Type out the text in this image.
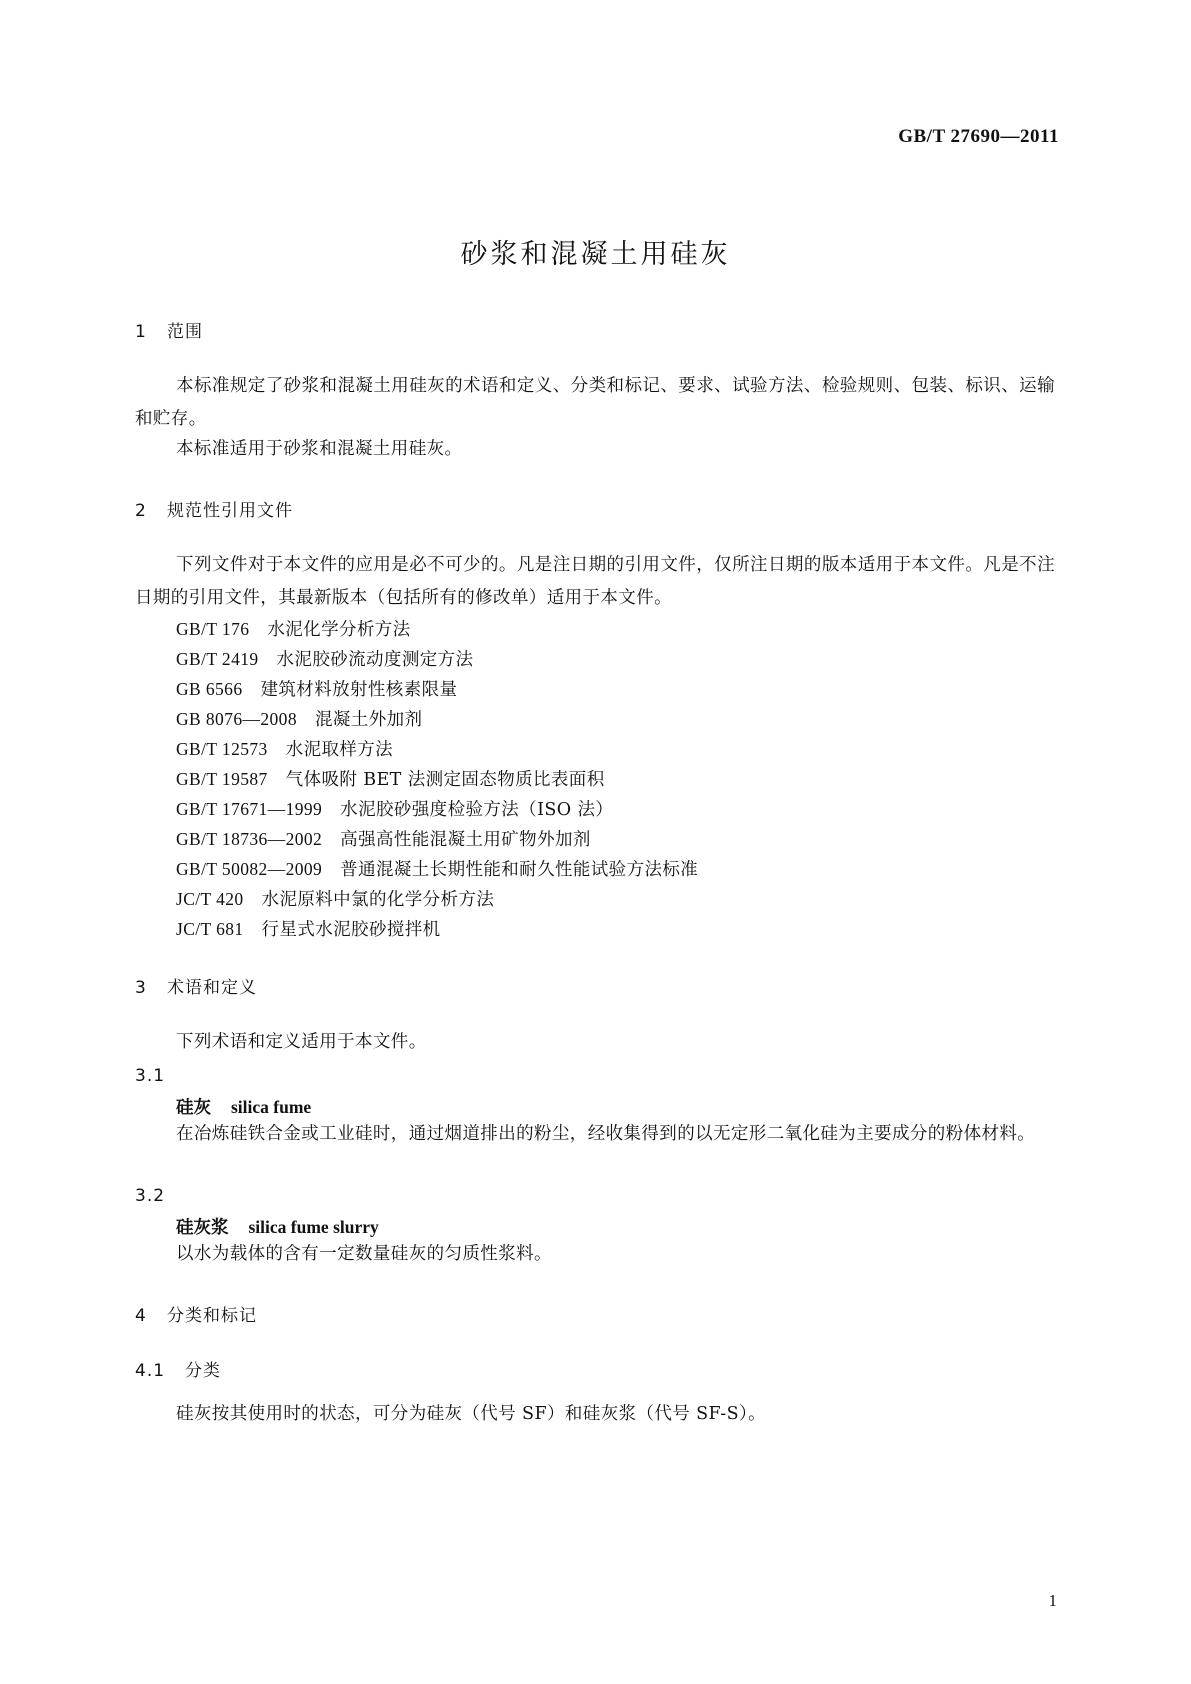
GB/T 27690—2011
砂浆和混凝土用硅灰
1 范围
本标准规定了砂浆和混凝土用硅灰的术语和定义、分类和标记、要求、试验方法、检验规则、包装、标识、运输和贮存。
本标准适用于砂浆和混凝土用硅灰。
2 规范性引用文件
下列文件对于本文件的应用是必不可少的。凡是注日期的引用文件，仅所注日期的版本适用于本文件。凡是不注日期的引用文件，其最新版本（包括所有的修改单）适用于本文件。
GB/T 176 水泥化学分析方法
GB/T 2419 水泥胶砂流动度测定方法
GB 6566 建筑材料放射性核素限量
GB 8076—2008 混凝土外加剂
GB/T 12573 水泥取样方法
GB/T 19587 气体吸附 BET 法测定固态物质比表面积
GB/T 17671—1999 水泥胶砂强度检验方法（ISO 法）
GB/T 18736—2002 高强高性能混凝土用矿物外加剂
GB/T 50082—2009 普通混凝土长期性能和耐久性能试验方法标准
JC/T 420 水泥原料中氯的化学分析方法
JC/T 681 行星式水泥胶砂搅拌机
3 术语和定义
下列术语和定义适用于本文件。
3.1
硅灰 silica fume
在冶炼硅铁合金或工业硅时，通过烟道排出的粉尘，经收集得到的以无定形二氧化硅为主要成分的粉体材料。
3.2
硅灰浆 silica fume slurry
以水为载体的含有一定数量硅灰的匀质性浆料。
4 分类和标记
4.1 分类
硅灰按其使用时的状态，可分为硅灰（代号 SF）和硅灰浆（代号 SF-S）。
1
